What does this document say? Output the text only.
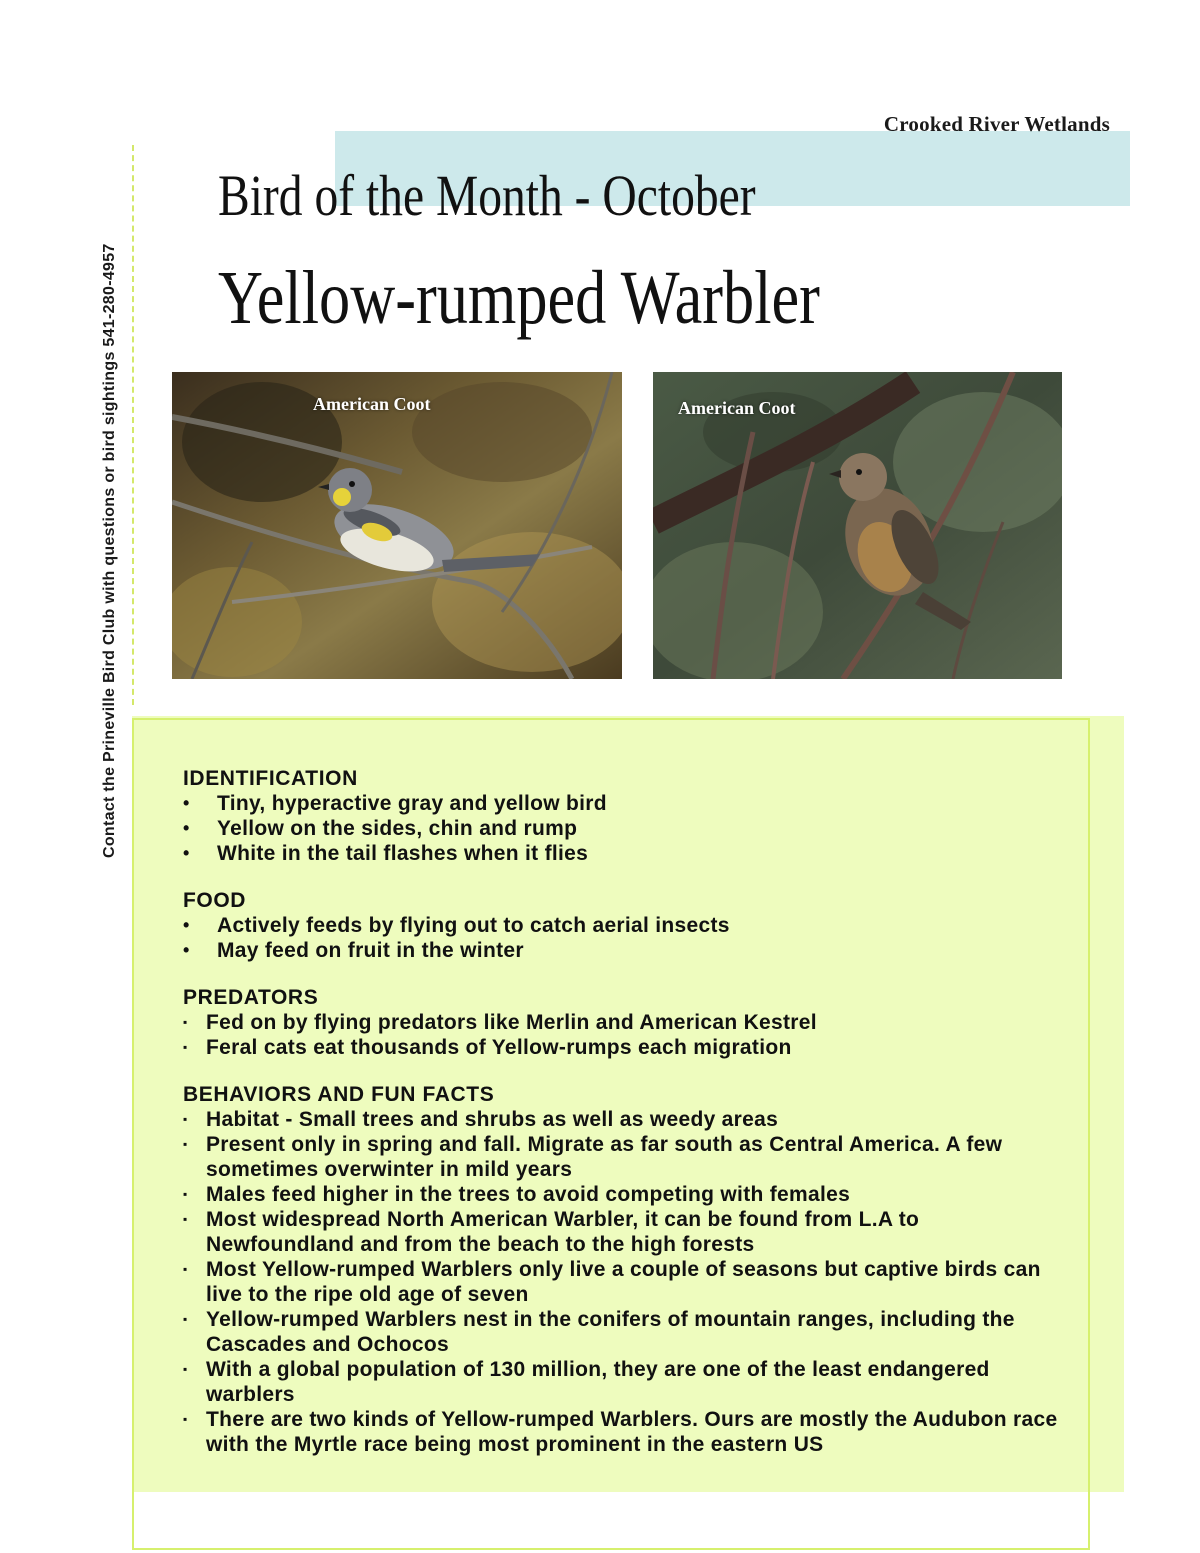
Crooked River Wetlands
Bird of the Month - October
Yellow-rumped Warbler
Contact the Prineville Bird Club with questions or bird sightings 541-280-4957	American Coot	American Coot
IDENTIFICATION
• Tiny, hyperactive gray and yellow bird
• Yellow on the sides, chin and rump
• White in the tail flashes when it flies
FOOD
• Actively feeds by flying out to catch aerial insects
• May feed on fruit in the winter
PREDATORS
▪ Fed on by flying predators like Merlin and American Kestrel
▪ Feral cats eat thousands of Yellow-rumps each migration
BEHAVIORS AND FUN FACTS
▪ Habitat - Small trees and shrubs as well as weedy areas
▪ Present only in spring and fall. Migrate as far south as Central America. A few sometimes overwinter in mild years
▪ Males feed higher in the trees to avoid competing with females
▪ Most widespread North American Warbler, it can be found from L.A to Newfoundland and from the beach to the high forests
▪ Most Yellow-rumped Warblers only live a couple of seasons but captive birds can live to the ripe old age of seven
▪ Yellow-rumped Warblers nest in the conifers of mountain ranges, including the Cascades and Ochocos
▪ With a global population of 130 million, they are one of the least endangered warblers
▪ There are two kinds of Yellow-rumped Warblers. Ours are mostly the Audubon race with the Myrtle race being most prominent in the eastern US
